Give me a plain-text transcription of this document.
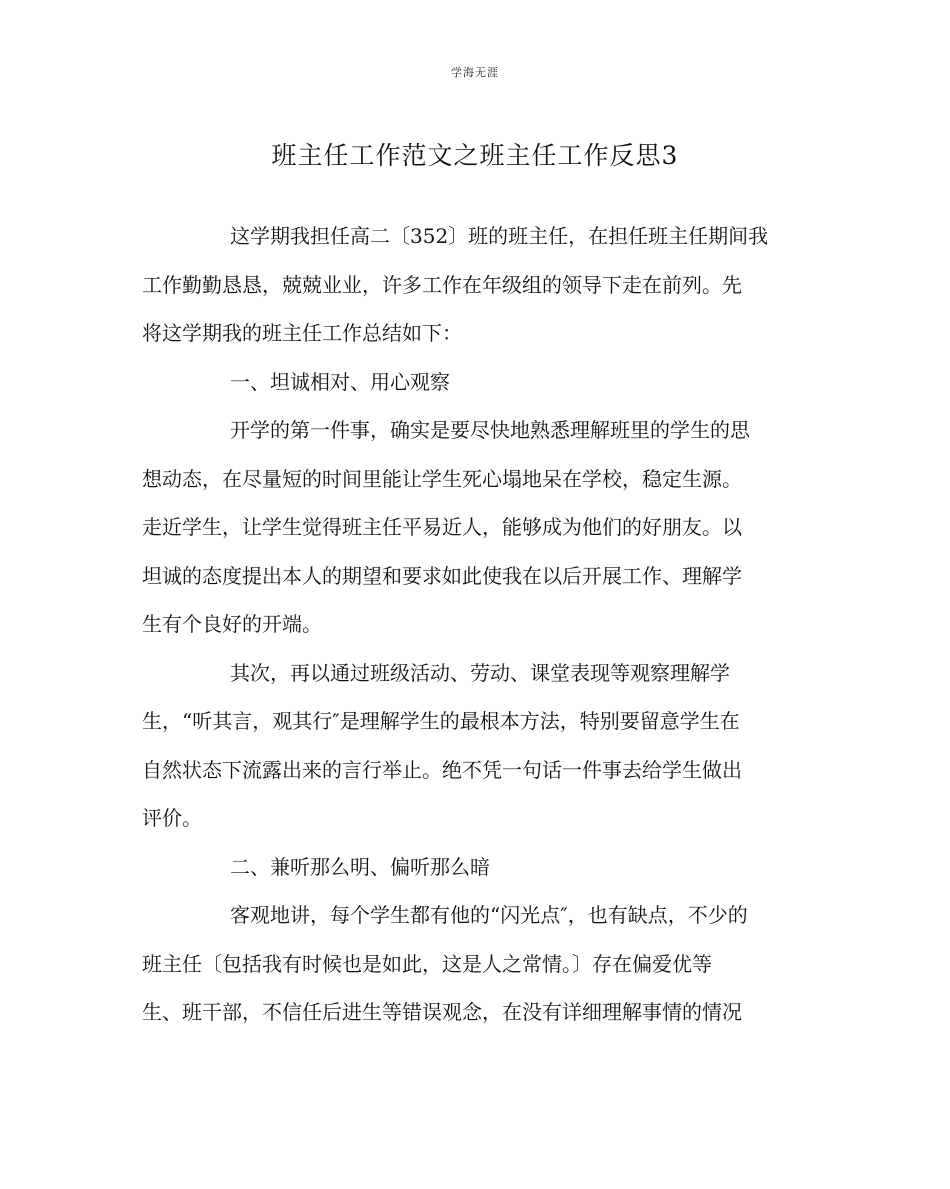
学海无涯
班主任工作范文之班主任工作反思3
这学期我担任高二〔352〕班的班主任，在担任班主任期间我
工作勤勤恳恳，兢兢业业，许多工作在年级组的领导下走在前列。先
将这学期我的班主任工作总结如下：
一、坦诚相对、用心观察
开学的第一件事，确实是要尽快地熟悉理解班里的学生的思
想动态，在尽量短的时间里能让学生死心塌地呆在学校，稳定生源。
走近学生，让学生觉得班主任平易近人，能够成为他们的好朋友。以
坦诚的态度提出本人的期望和要求如此使我在以后开展工作、理解学
生有个良好的开端。
其次，再以通过班级活动、劳动、课堂表现等观察理解学
生，“听其言，观其行″是理解学生的最根本方法，特别要留意学生在
自然状态下流露出来的言行举止。绝不凭一句话一件事去给学生做出
评价。
二、兼听那么明、偏听那么暗
客观地讲，每个学生都有他的“闪光点″，也有缺点，不少的
班主任〔包括我有时候也是如此，这是人之常情。〕存在偏爱优等
生、班干部，不信任后进生等错误观念，在没有详细理解事情的情况
